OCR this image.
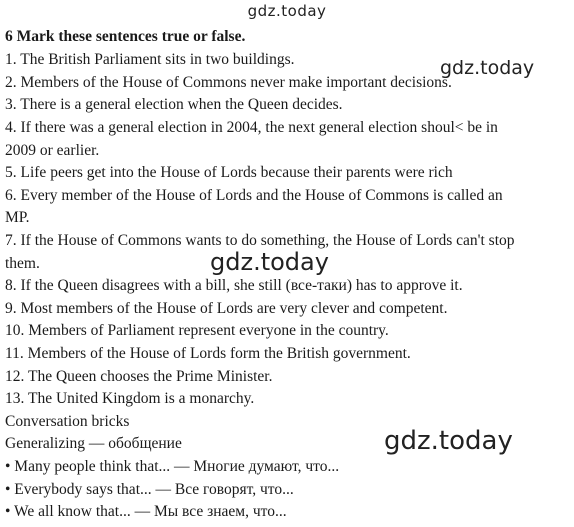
gdz.today
6 Mark these sentences true or false.
1. The British Parliament sits in two buildings.
2. Members of the House of Commons never make important decisions.
3. There is a general election when the Queen decides.
4. If there was a general election in 2004, the next general election shoul< be in
2009 or earlier.
5. Life peers get into the House of Lords because their parents were rich
6. Every member of the House of Lords and the House of Commons is called an
MP.
7. If the House of Commons wants to do something, the House of Lords can't stop
them.
8. If the Queen disagrees with a bill, she still (все-таки) has to approve it.
9. Most members of the House of Lords are very clever and competent.
10. Members of Parliament represent everyone in the country.
11. Members of the House of Lords form the British government.
12. The Queen chooses the Prime Minister.
13. The United Kingdom is a monarchy.
Conversation bricks
Generalizing — обобщение
• Many people think that... — Многие думают, что...
• Everybody says that... — Все говорят, что...
• We all know that... — Мы все знаем, что...
gdz.today
gdz.today
gdz.today
